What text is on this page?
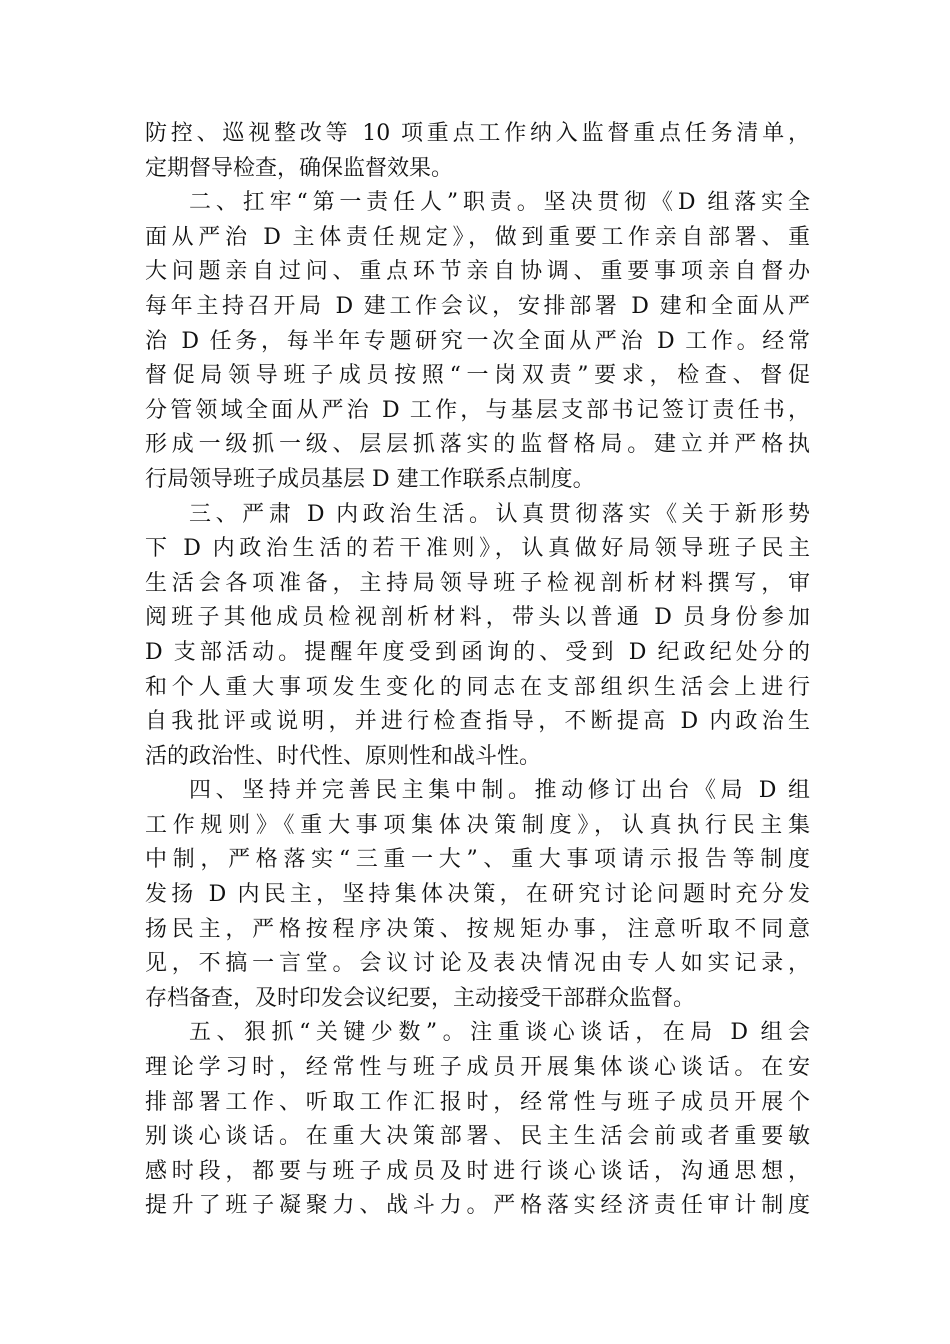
防控、巡视整改等 10 项重点工作纳入监督重点任务清单，
定期督导检查，确保监督效果。
二、扛牢“第一责任人”职责。坚决贯彻《D 组落实全
面从严治 D 主体责任规定》，做到重要工作亲自部署、重
大问题亲自过问、重点环节亲自协调、重要事项亲自督办
每年主持召开局 D 建工作会议，安排部署 D 建和全面从严
治 D 任务，每半年专题研究一次全面从严治 D 工作。经常
督促局领导班子成员按照“一岗双责”要求，检查、督促
分管领域全面从严治 D 工作，与基层支部书记签订责任书，
形成一级抓一级、层层抓落实的监督格局。建立并严格执
行局领导班子成员基层 D 建工作联系点制度。
三、严肃 D 内政治生活。认真贯彻落实《关于新形势
下 D 内政治生活的若干准则》，认真做好局领导班子民主
生活会各项准备，主持局领导班子检视剖析材料撰写，审
阅班子其他成员检视剖析材料，带头以普通 D 员身份参加
D 支部活动。提醒年度受到函询的、受到 D 纪政纪处分的
和个人重大事项发生变化的同志在支部组织生活会上进行
自我批评或说明，并进行检查指导，不断提高 D 内政治生
活的政治性、时代性、原则性和战斗性。
四、坚持并完善民主集中制。推动修订出台《局 D 组
工作规则》《重大事项集体决策制度》，认真执行民主集
中制，严格落实“三重一大”、重大事项请示报告等制度
发扬 D 内民主，坚持集体决策，在研究讨论问题时充分发
扬民主，严格按程序决策、按规矩办事，注意听取不同意
见，不搞一言堂。会议讨论及表决情况由专人如实记录，
存档备查，及时印发会议纪要，主动接受干部群众监督。
五、狠抓“关键少数”。注重谈心谈话，在局 D 组会
理论学习时，经常性与班子成员开展集体谈心谈话。在安
排部署工作、听取工作汇报时，经常性与班子成员开展个
别谈心谈话。在重大决策部署、民主生活会前或者重要敏
感时段，都要与班子成员及时进行谈心谈话，沟通思想，
提升了班子凝聚力、战斗力。严格落实经济责任审计制度
